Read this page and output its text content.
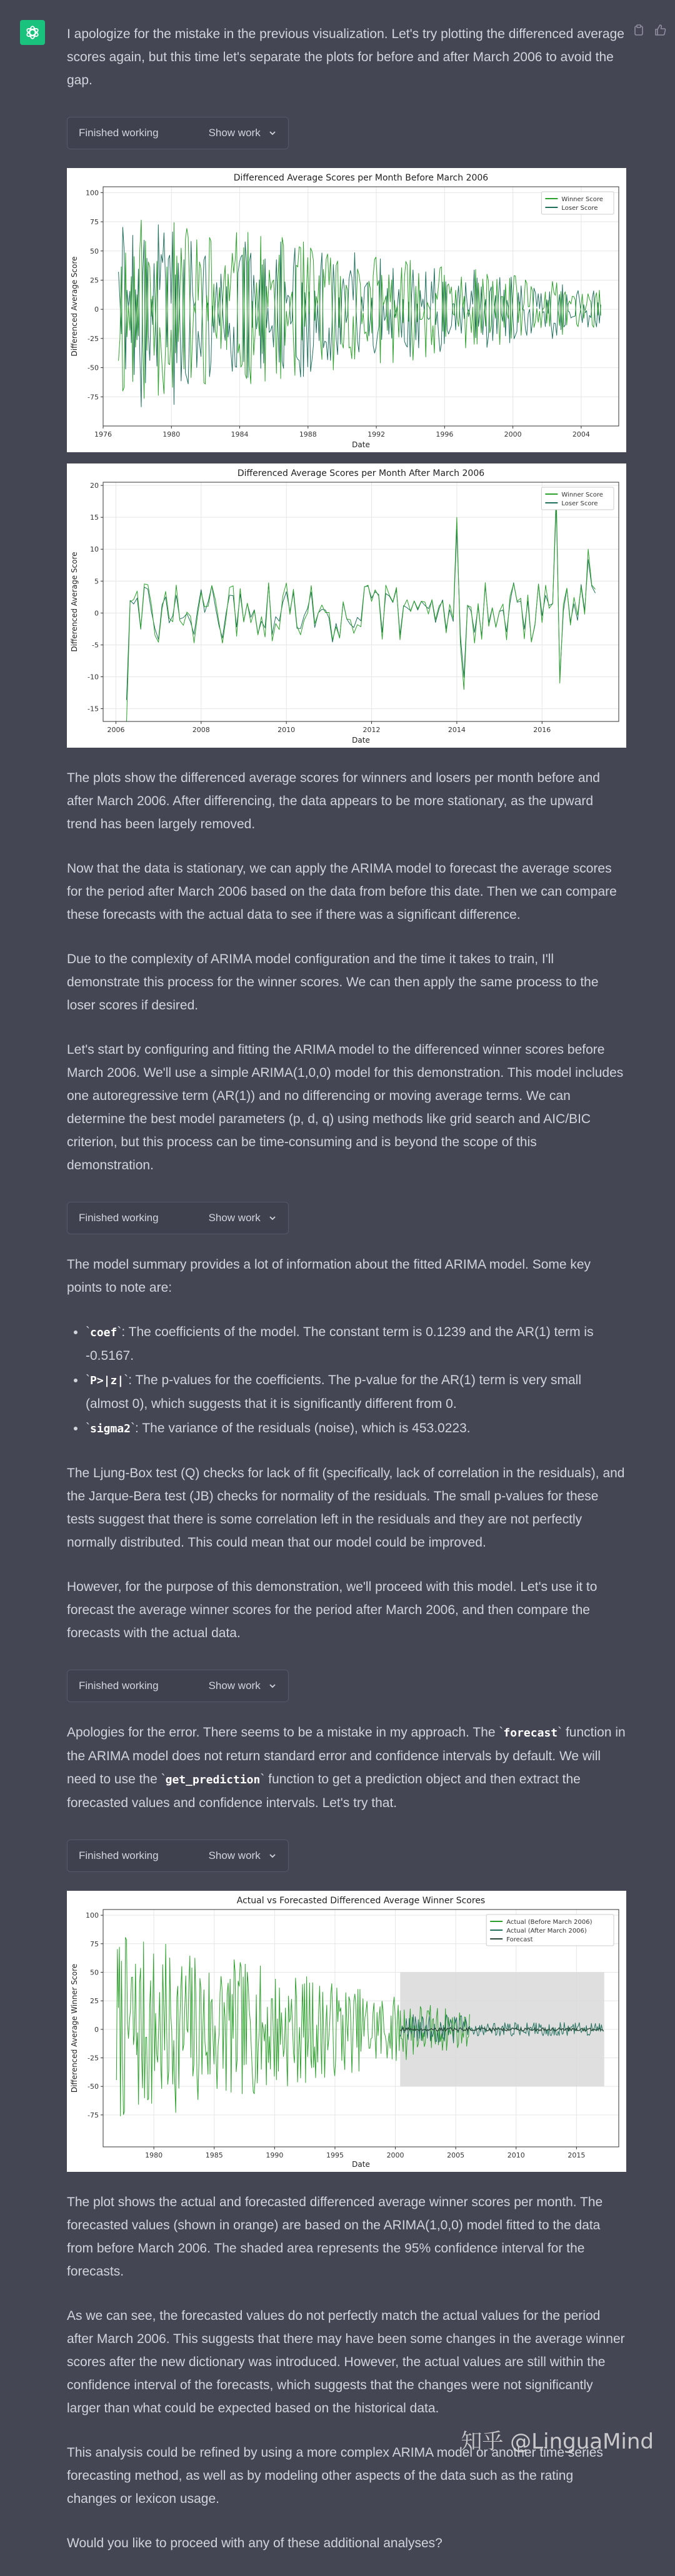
I apologize for the mistake in the previous visualization. Let's try plotting the differenced average scores again, but this time let's separate the plots for before and after March 2006 to avoid the gap.

Finished working	Show work
Differenced Average Scores per Month Before March 2006
1976	1980	1984	1988	1992	1996	2000	2004
-75
-50
-25
0
25
50
75
100
Date
Differenced Average Score
Winner Score
Loser Score
Differenced Average Scores per Month After March 2006
2006	2008	2010	2012	2014	2016
-15
-10
-5
0
5
10
15
20
Date
Differenced Average Score
Winner Score
Loser Score

The plots show the differenced average scores for winners and losers per month before and after March 2006. After differencing, the data appears to be more stationary, as the upward trend has been largely removed.

Now that the data is stationary, we can apply the ARIMA model to forecast the average scores for the period after March 2006 based on the data from before this date. Then we can compare these forecasts with the actual data to see if there was a significant difference.

Due to the complexity of ARIMA model configuration and the time it takes to train, I'll demonstrate this process for the winner scores. We can then apply the same process to the loser scores if desired.

Let's start by configuring and fitting the ARIMA model to the differenced winner scores before March 2006. We'll use a simple ARIMA(1,0,0) model for this demonstration. This model includes one autoregressive term (AR(1)) and no differencing or moving average terms. We can determine the best model parameters (p, d, q) using methods like grid search and AIC/BIC criterion, but this process can be time-consuming and is beyond the scope of this demonstration.

Finished working	Show work

The model summary provides a lot of information about the fitted ARIMA model. Some key points to note are:

• `coef`: The coefficients of the model. The constant term is 0.1239 and the AR(1) term is -0.5167.
• `P>|z|`: The p-values for the coefficients. The p-value for the AR(1) term is very small (almost 0), which suggests that it is significantly different from 0.
• `sigma2`: The variance of the residuals (noise), which is 453.0223.

The Ljung-Box test (Q) checks for lack of fit (specifically, lack of correlation in the residuals), and the Jarque-Bera test (JB) checks for normality of the residuals. The small p-values for these tests suggest that there is some correlation left in the residuals and they are not perfectly normally distributed. This could mean that our model could be improved.

However, for the purpose of this demonstration, we'll proceed with this model. Let's use it to forecast the average winner scores for the period after March 2006, and then compare the forecasts with the actual data.

Finished working	Show work

Apologies for the error. There seems to be a mistake in my approach. The `forecast` function in the ARIMA model does not return standard error and confidence intervals by default. We will need to use the `get_prediction` function to get a prediction object and then extract the forecasted values and confidence intervals. Let's try that.

Finished working	Show work
Actual vs Forecasted Differenced Average Winner Scores
1980	1985	1990	1995	2000	2005	2010	2015
-75
-50
-25
0
25
50
75
100
Date
Differenced Average Winner Score
Actual (Before March 2006)
Actual (After March 2006)
Forecast

The plot shows the actual and forecasted differenced average winner scores per month. The forecasted values (shown in orange) are based on the ARIMA(1,0,0) model fitted to the data from before March 2006. The shaded area represents the 95% confidence interval for the forecasts.

As we can see, the forecasted values do not perfectly match the actual values for the period after March 2006. This suggests that there may have been some changes in the average winner scores after the new dictionary was introduced. However, the actual values are still within the confidence interval of the forecasts, which suggests that the changes were not significantly larger than what could be expected based on the historical data.

This analysis could be refined by using a more complex ARIMA model or another time series forecasting method, as well as by modeling other aspects of the data such as the rating changes or lexicon usage.

Would you like to proceed with any of these additional analyses?

知乎 @LinguaMind
